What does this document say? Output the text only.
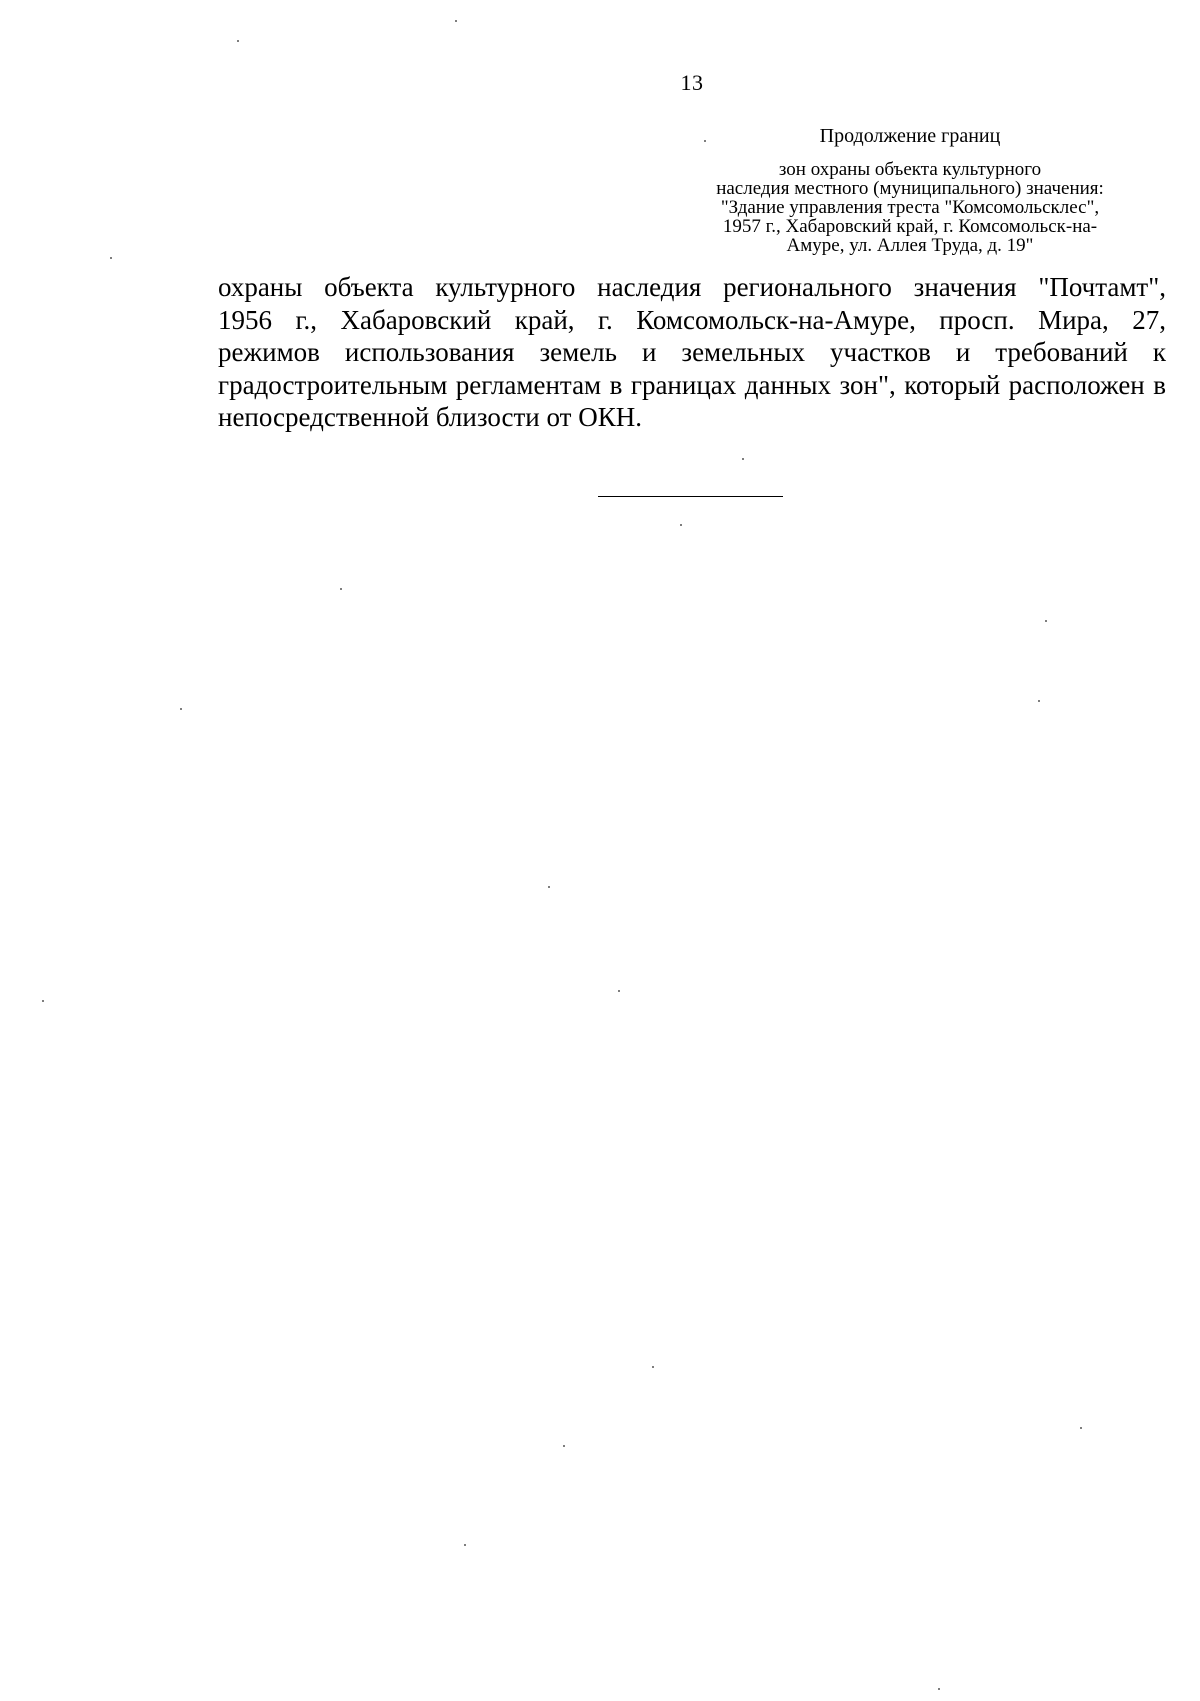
13
Продолжение границ
зон охраны объекта культурного
наследия местного (муниципального) значения:
"Здание управления треста "Комсомольсклес",
1957 г., Хабаровский край, г. Комсомольск-на-
Амуре, ул. Аллея Труда, д. 19"
охраны объекта культурного наследия регионального значения "Почтамт",
1956 г., Хабаровский край, г. Комсомольск-на-Амуре, просп. Мира, 27,
режимов использования земель и земельных участков и требований к
градостроительным регламентам в границах данных зон", который расположен в
непосредственной близости от ОКН.
